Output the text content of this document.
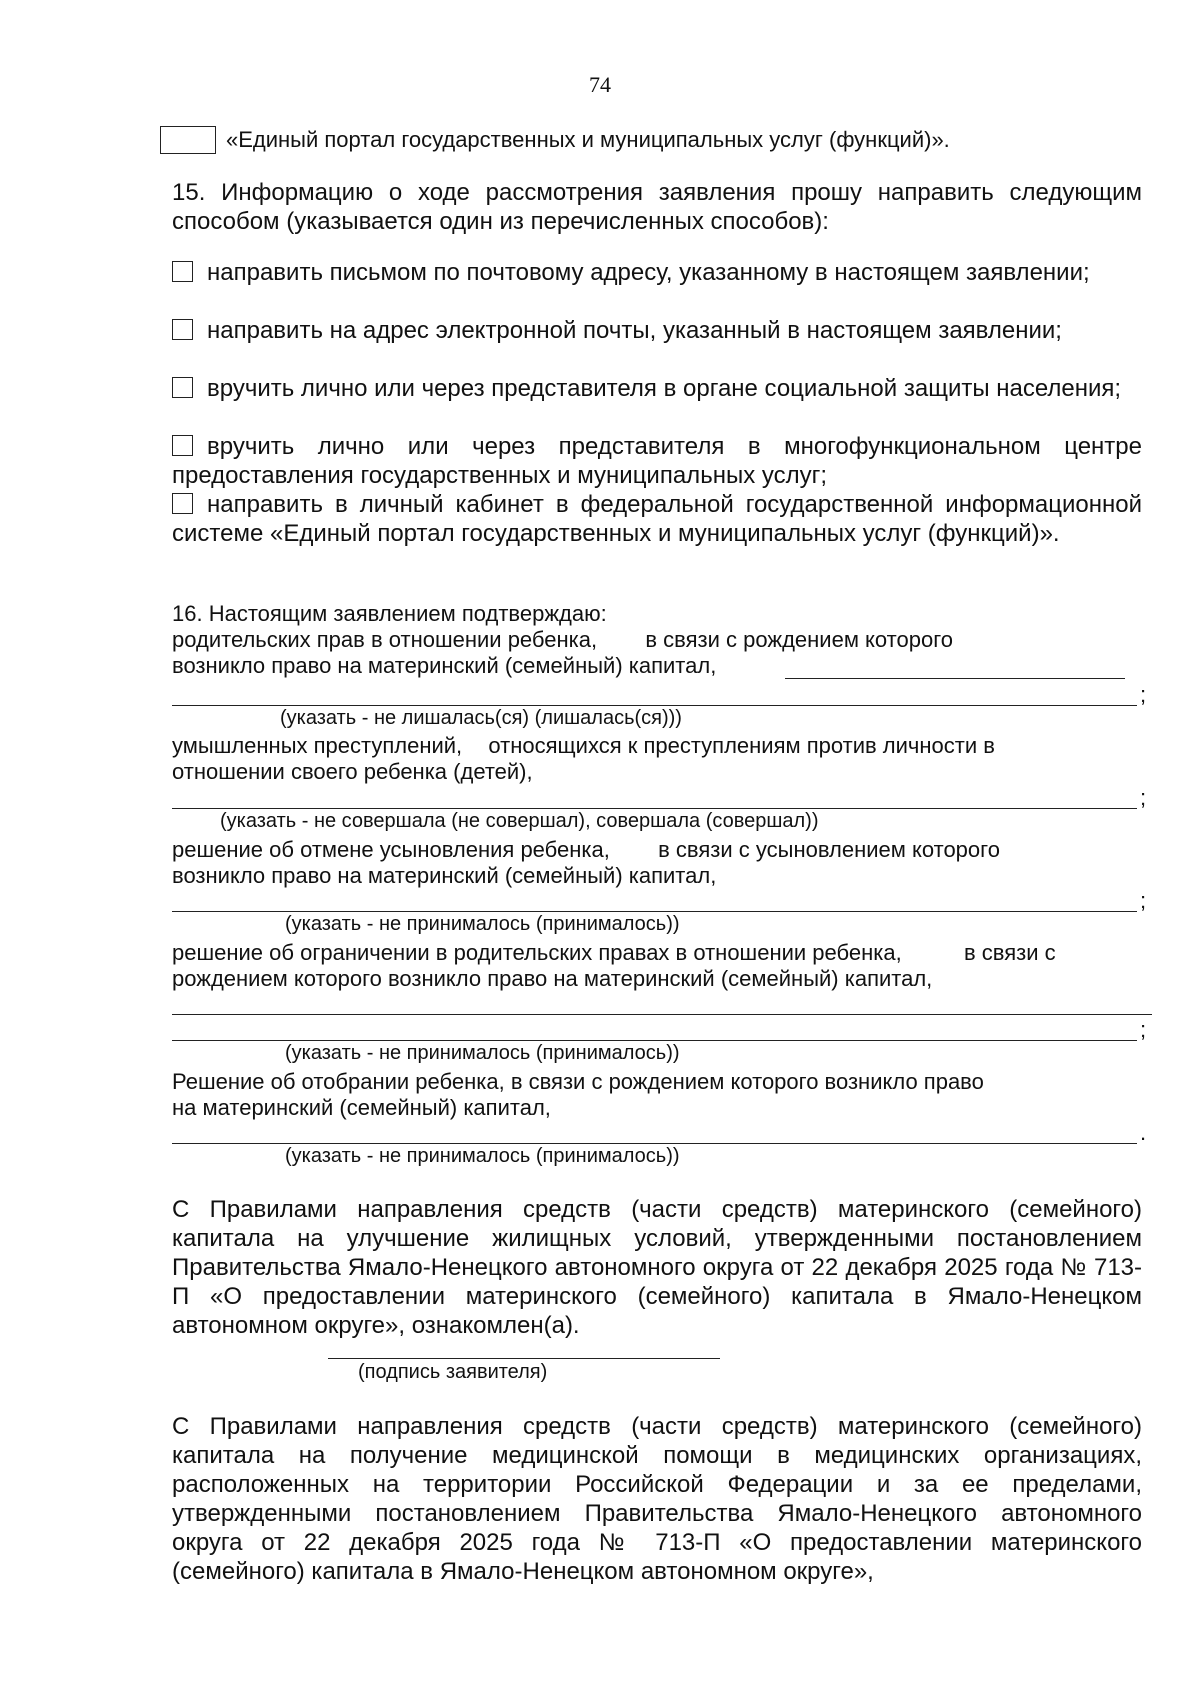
74
«Единый портал государственных и муниципальных услуг (функций)».
15. Информацию о ходе рассмотрения заявления прошу направить следующим способом (указывается один из перечисленных способов):
направить письмом по почтовому адресу, указанному в настоящем заявлении;
направить на адрес электронной почты, указанный в настоящем заявлении;
вручить лично или через представителя в органе социальной защиты населения;
вручить лично или через представителя в многофункциональном центре предоставления государственных и муниципальных услуг;
направить в личный кабинет в федеральной государственной информационной системе «Единый портал государственных и муниципальных услуг (функций)».
16. Настоящим заявлением подтверждаю:
родительских прав в отношении ребенка, в связи с рождением которого
возникло право на материнский (семейный) капитал,
;
(указать - не лишалась(ся) (лишалась(ся)))
умышленных преступлений, относящихся к преступлениям против личности в
отношении своего ребенка (детей),
;
(указать - не совершала (не совершал), совершала (совершал))
решение об отмене усыновления ребенка, в связи с усыновлением которого
возникло право на материнский (семейный) капитал,
;
(указать - не принималось (принималось))
решение об ограничении в родительских правах в отношении ребенка,	в связи с
рождением которого возникло право на материнский (семейный) капитал,
;
(указать - не принималось (принималось))
Решение об отобрании ребенка, в связи с рождением которого возникло право
на материнский (семейный) капитал,
.
(указать - не принималось (принималось))
С Правилами направления средств (части средств) материнского (семейного) капитала на улучшение жилищных условий, утвержденными постановлением Правительства Ямало-Ненецкого автономного округа от 22 декабря 2025 года № 713-П «О предоставлении материнского (семейного) капитала в Ямало-Ненецком автономном округе», ознакомлен(а).
(подпись заявителя)
С Правилами направления средств (части средств) материнского (семейного) капитала на получение медицинской помощи в медицинских организациях, расположенных на территории Российской Федерации и за ее пределами, утвержденными постановлением Правительства Ямало-Ненецкого автономного округа от 22 декабря 2025 года № 713-П «О предоставлении материнского (семейного) капитала в Ямало-Ненецком автономном округе»,
